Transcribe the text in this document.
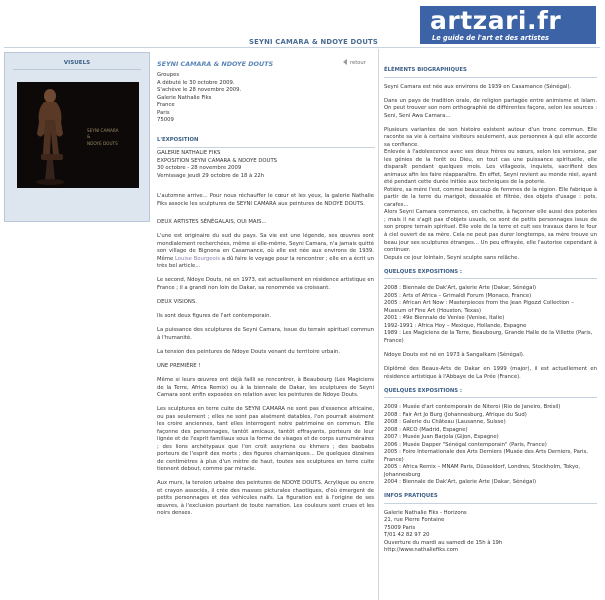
artzari.fr
Le guide de l'art et des artistes
SEYNI CAMARA & NDOYE DOUTS
VISUELS
SEYNI CAMARA
&
NDOYE DOUTS
SEYNI CAMARA & NDOYE DOUTS	retour
Groupes
A débuté le 30 octobre 2009.
S'achève le 28 novembre 2009.
Galerie Nathalie Fiks
France
Paris
75009
L'EXPOSITION
GALERIE NATHALIE FIKS
EXPOSITION SEYNI CAMARA & NDOYE DOUTS
30 octobre - 28 novembre 2009
Vernissage jeudi 29 octobre de 18 à 22h

L'automne arrive... Pour nous réchauffer le cœur et les yeux, la galerie Nathalie Fiks associe les sculptures de SEYNI CAMARA aux peintures de NDOYE DOUTS.

DEUX ARTISTES SÉNÉGALAIS, OUI MAIS...

L'une est originaire du sud du pays. Sa vie est une légende, ses œuvres sont mondialement recherchées, même si elle-même, Seyni Camara, n'a jamais quitté son village de Bignona en Casamance, où elle est née aux environs de 1939. Même Louise Bourgeois a dû faire le voyage pour la rencontrer ; elle en a écrit un très bel article...

Le second, Ndoye Douts, né en 1973, est actuellement en résidence artistique en France ; il a grandi non loin de Dakar, sa renommée va croissant.

DEUX VISIONS.

Ils sont deux figures de l'art contemporain.

La puissance des sculptures de Seyni Camara, issue du terrain spirituel commun à l'humanité.

La tension des peintures de Ndoye Douts venant du territoire urbain.

UNE PREMIÈRE !

Même si leurs œuvres ont déjà failli se rencontrer, à Beaubourg (Les Magiciens de la Terre, Africa Remix) ou à la biennale de Dakar, les sculptures de Seyni Camara sont enfin exposées en relation avec les peintures de Ndoye Douts.

Les sculptures en terre cuite de SEYNI CAMARA ne sont pas d'essence africaine, ou pas seulement ; elles ne sont pas aisément datables, l'on pourrait aisément les croire anciennes, tant elles interrogent notre patrimoine en commun. Elle façonne des personnages, tantôt amicaux, tantôt effrayants, porteurs de leur lignée et de l'esprit familiaux sous la forme de visages et de corps surnuméraires ; des lions archétypaux que l'on croit assyriens ou khmers ; des baobabs porteurs de l'esprit des morts ; des figures chamaniques... De quelques dizaines de centimètres à plus d'un mètre de haut, toutes ses sculptures en terre cuite tiennent debout, comme par miracle.

Aux murs, la tension urbaine des peintures de NDOYE DOUTS. Acrylique ou encre et crayon associés, il crée des masses picturales chaotiques, d'où émergent de petits personnages et des véhicules naïfs. La figuration est à l'origine de ses œuvres, à l'exclusion pourtant de toute narration. Les couleurs sont crues et les noirs denses.

ÉLÉMENTS BIOGRAPHIQUES

Seyni Camara est née aux environs de 1939 en Casamance (Sénégal).

Dans un pays de tradition orale, de religion partagée entre animisme et islam. On peut trouver son nom orthographié de différentes façons, selon les sources : Seni, Seni Awa Camara...

Plusieurs variantes de son histoire existent autour d'un tronc commun. Elle raconte sa vie à certains visiteurs seulement, aux personnes à qui elle accorde sa confiance.
Enlevée à l'adolescence avec ses deux frères ou sœurs, selon les versions, par les génies de la forêt ou Dieu, en tout cas une puissance spirituelle, elle disparaît pendant quelques mois. Les villageois, inquiets, sacrifient des animaux afin les faire réapparaître. En effet, Seyni revient au monde réel, ayant été pendant cette durée initiée aux techniques de la poterie.
Potière, sa mère l'est, comme beaucoup de femmes de la région. Elle fabrique à partir de la terre du marigot, dessalée et filtrée, des objets d'usage : pots, carafes...
Alors Seyni Camara commence, en cachette, à façonner elle aussi des poteries ; mais il ne s'agit pas d'objets usuels, ce sont de petits personnages issus de son propre terrain spirituel. Elle vole de la terre et cuit ses travaux dans le four à ciel ouvert de sa mère. Cela ne peut pas durer longtemps, sa mère trouve un beau jour ses sculptures étranges... Un peu effrayée, elle l'autorise cependant à continuer.
Depuis ce jour lointain, Seyni sculpte sans relâche.
QUELQUES EXPOSITIONS :
2008 : Biennale de Dak'Art, galerie Arte (Dakar, Sénégal)
2005 : Arts of Africa – Grimaldi Forum (Monaco, France)
2005 : African Art Now : Masterpieces from the Jean Pigozzi Collection – Museum of Fine Art (Houston, Texas)
2001 : 49e Biennale de Venise (Venise, Italie)
1992-1991 : Africa Hoy – Mexique, Hollande, Espagne
1989 : Les Magiciens de la Terre, Beaubourg, Grande Halle de la Villette (Paris, France)

Ndoye Douts est né en 1973 à Sangalkam (Sénégal).

Diplômé des Beaux-Arts de Dakar en 1999 (major), il est actuellement en résidence artistique à l'Abbaye de La Prée (France).

QUELQUES EXPOSITIONS :
2009 : Musée d'art contemporain de Niteroi (Rio de Janeiro, Brésil)
2008 : Fair Art Jo Burg (Johannesburg, Afrique du Sud)
2008 : Galerie du Château (Lausanne, Suisse)
2008 : ARCO (Madrid, Espagne)
2007 : Musée Juan Barjola (Gijon, Espagne)
2006 : Musée Dapper "Sénégal contemporain" (Paris, France)
2005 : Foire Internationale des Arts Derniers (Musée des Arts Derniers, Paris, France)
2005 : Africa Remix – MNAM Paris, Düsseldorf, Londres, Stockholm, Tokyo, Johannesburg
2004 : Biennale de Dak'Art, galerie Arte (Dakar, Sénégal)
INFOS PRATIQUES
Galerie Nathalie Fiks - Horizons
21, rue Pierre Fontaine
75009 Paris
T/01 42 82 97 20
Ouverture du mardi au samedi de 15h à 19h
http://www.nathaliefiks.com
